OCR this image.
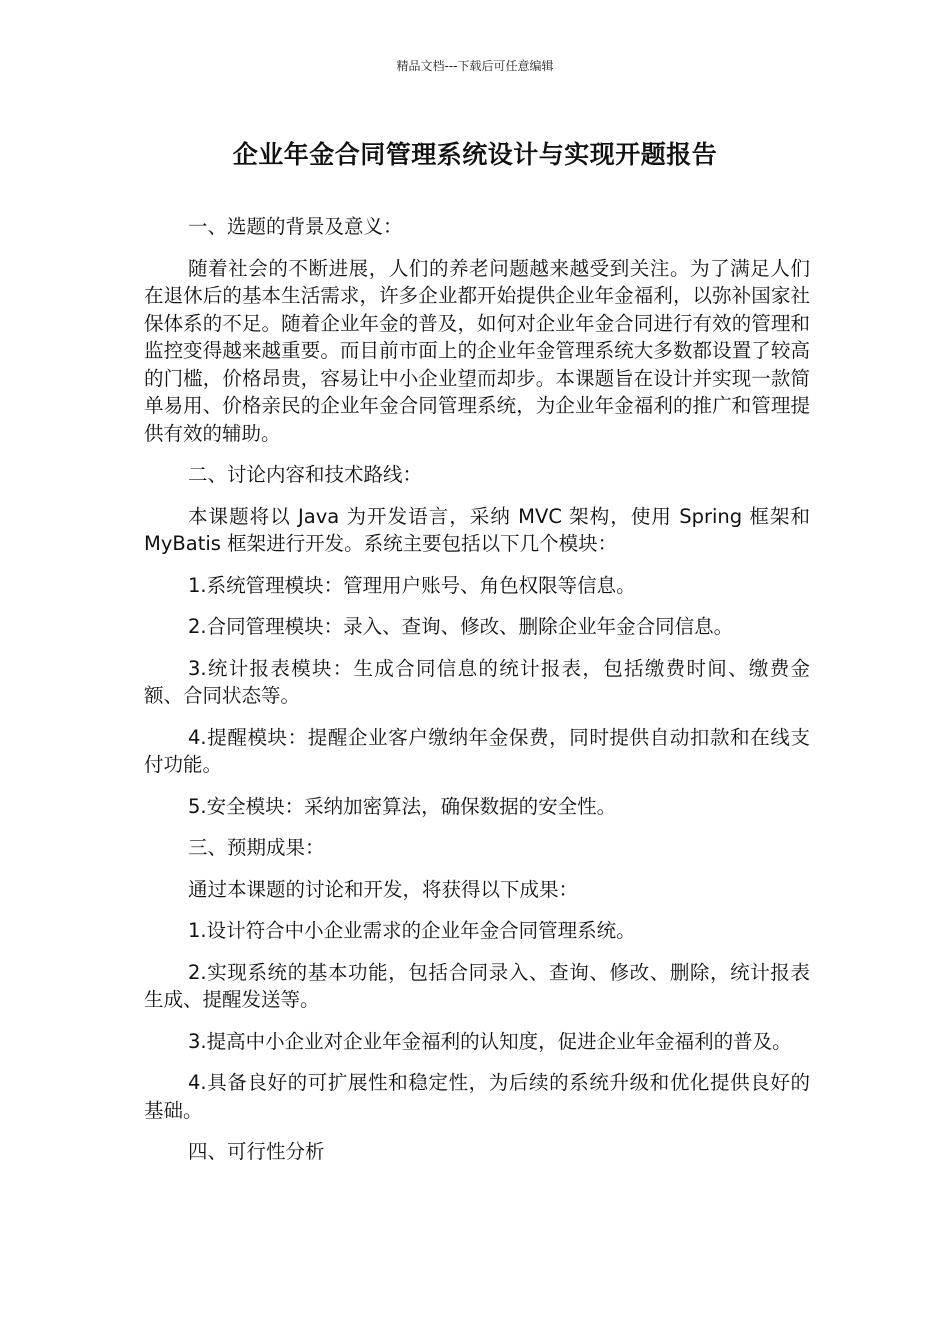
精品文档---下载后可任意编辑
企业年金合同管理系统设计与实现开题报告

一、选题的背景及意义：

随着社会的不断进展，人们的养老问题越来越受到关注。为了满足人们在退休后的基本生活需求，许多企业都开始提供企业年金福利，以弥补国家社保体系的不足。随着企业年金的普及，如何对企业年金合同进行有效的管理和监控变得越来越重要。而目前市面上的企业年金管理系统大多数都设置了较高的门槛，价格昂贵，容易让中小企业望而却步。本课题旨在设计并实现一款简单易用、价格亲民的企业年金合同管理系统，为企业年金福利的推广和管理提供有效的辅助。

二、讨论内容和技术路线：

本课题将以 Java 为开发语言，采纳 MVC 架构，使用 Spring 框架和 MyBatis 框架进行开发。系统主要包括以下几个模块：

1.系统管理模块：管理用户账号、角色权限等信息。

2.合同管理模块：录入、查询、修改、删除企业年金合同信息。

3.统计报表模块：生成合同信息的统计报表，包括缴费时间、缴费金额、合同状态等。

4.提醒模块：提醒企业客户缴纳年金保费，同时提供自动扣款和在线支付功能。

5.安全模块：采纳加密算法，确保数据的安全性。

三、预期成果：

通过本课题的讨论和开发，将获得以下成果：

1.设计符合中小企业需求的企业年金合同管理系统。

2.实现系统的基本功能，包括合同录入、查询、修改、删除，统计报表生成、提醒发送等。

3.提高中小企业对企业年金福利的认知度，促进企业年金福利的普及。

4.具备良好的可扩展性和稳定性，为后续的系统升级和优化提供良好的基础。

四、可行性分析
